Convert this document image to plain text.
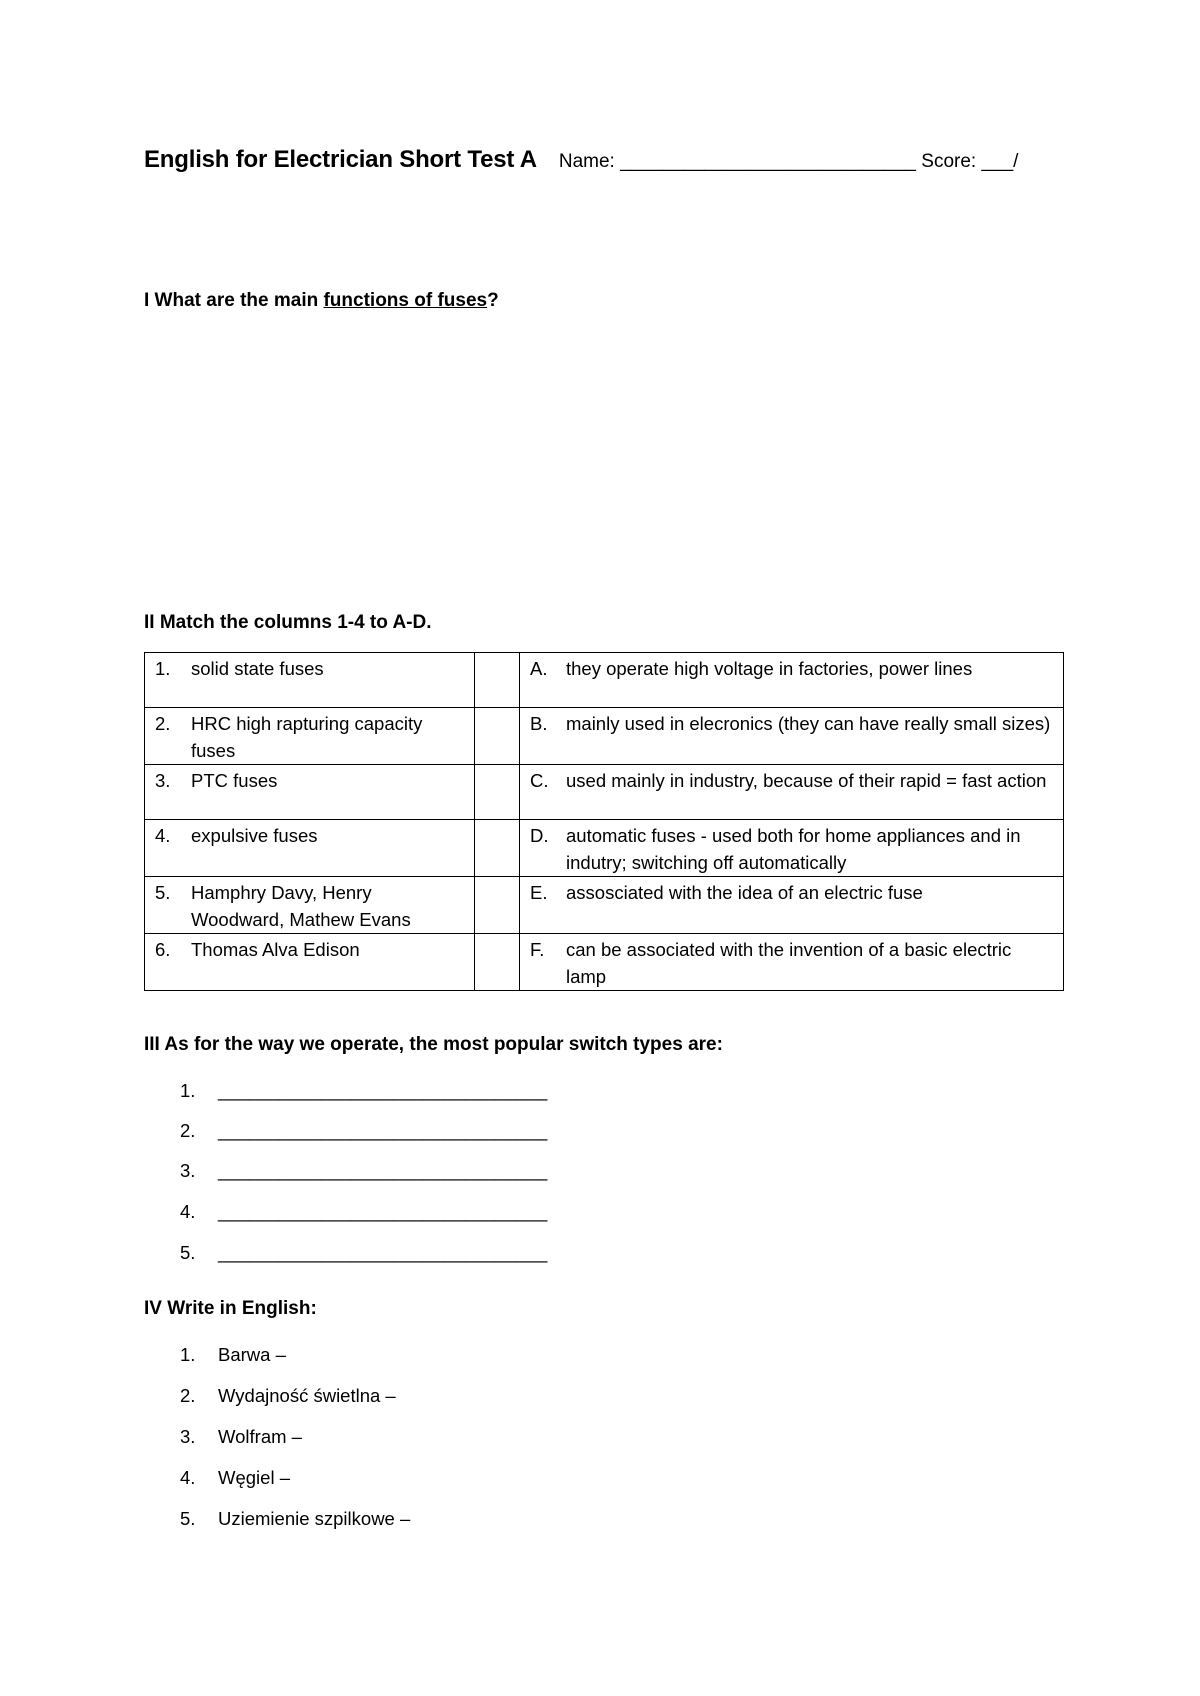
English for Electrician Short Test A Name: ____________________________ Score: ___/
I What are the main functions of fuses?
II Match the columns 1-4 to A-D.
1. solid state fuses		A. they operate high voltage in factories, power lines

2. HRC high rapturing capacity fuses		B. mainly used in elecronics (they can have really small sizes)

3. PTC fuses		C. used mainly in industry, because of their rapid = fast action

4. expulsive fuses		D. automatic fuses - used both for home appliances and in indutry; switching off automatically

5. Hamphry Davy, Henry Woodward, Mathew Evans		E. assosciated with the idea of an electric fuse

6. Thomas Alva Edison		F. can be associated with the invention of a basic electric lamp
III As for the way we operate, the most popular switch types are:
1. ________________________________
2. ________________________________
3. ________________________________
4. ________________________________
5. ________________________________
IV Write in English:
1. Barwa –
2. Wydajność świetlna –
3. Wolfram –
4. Węgiel –
5. Uziemienie szpilkowe –
